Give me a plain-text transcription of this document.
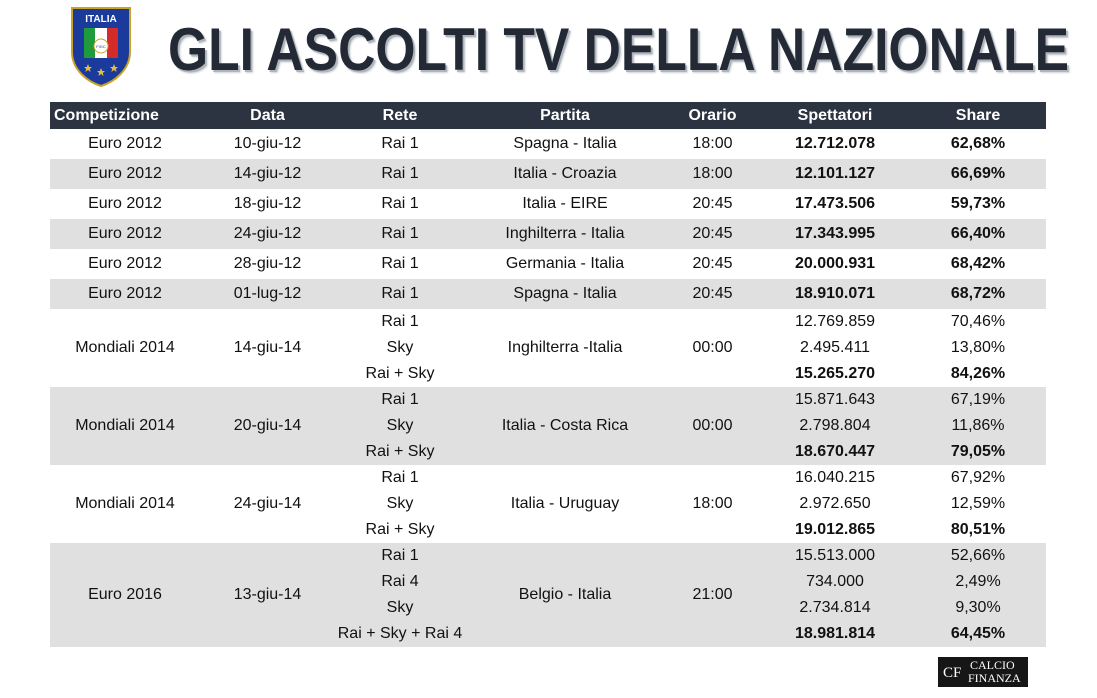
ITALIA
FIGC GLI ASCOLTI TV DELLA NAZIONALE
Competizione	Data	Rete	Partita	Orario	Spettatori	Share
Euro 2012	10-giu-12	Rai 1	Spagna - Italia	18:00	12.712.078	62,68%
Euro 2012	14-giu-12	Rai 1	Italia - Croazia	18:00	12.101.127	66,69%
Euro 2012	18-giu-12	Rai 1	Italia - EIRE	20:45	17.473.506	59,73%
Euro 2012	24-giu-12	Rai 1	Inghilterra - Italia	20:45	17.343.995	66,40%
Euro 2012	28-giu-12	Rai 1	Germania - Italia	20:45	20.000.931	68,42%
Euro 2012	01-lug-12	Rai 1	Spagna - Italia	20:45	18.910.071	68,72%
Mondiali 2014	14-giu-14	Rai 1	Inghilterra -Italia	00:00	12.769.859	70,46%
		Sky			2.495.411	13,80%
		Rai + Sky			15.265.270	84,26%
Mondiali 2014	20-giu-14	Rai 1	Italia - Costa Rica	00:00	15.871.643	67,19%
		Sky			2.798.804	11,86%
		Rai + Sky			18.670.447	79,05%
Mondiali 2014	24-giu-14	Rai 1	Italia - Uruguay	18:00	16.040.215	67,92%
		Sky			2.972.650	12,59%
		Rai + Sky			19.012.865	80,51%
Euro 2016	13-giu-14	Rai 1	Belgio - Italia	21:00	15.513.000	52,66%
		Rai 4			734.000	2,49%
		Sky			2.734.814	9,30%
		Rai + Sky + Rai 4			18.981.814	64,45%
CF CALCIO
FINANZA
